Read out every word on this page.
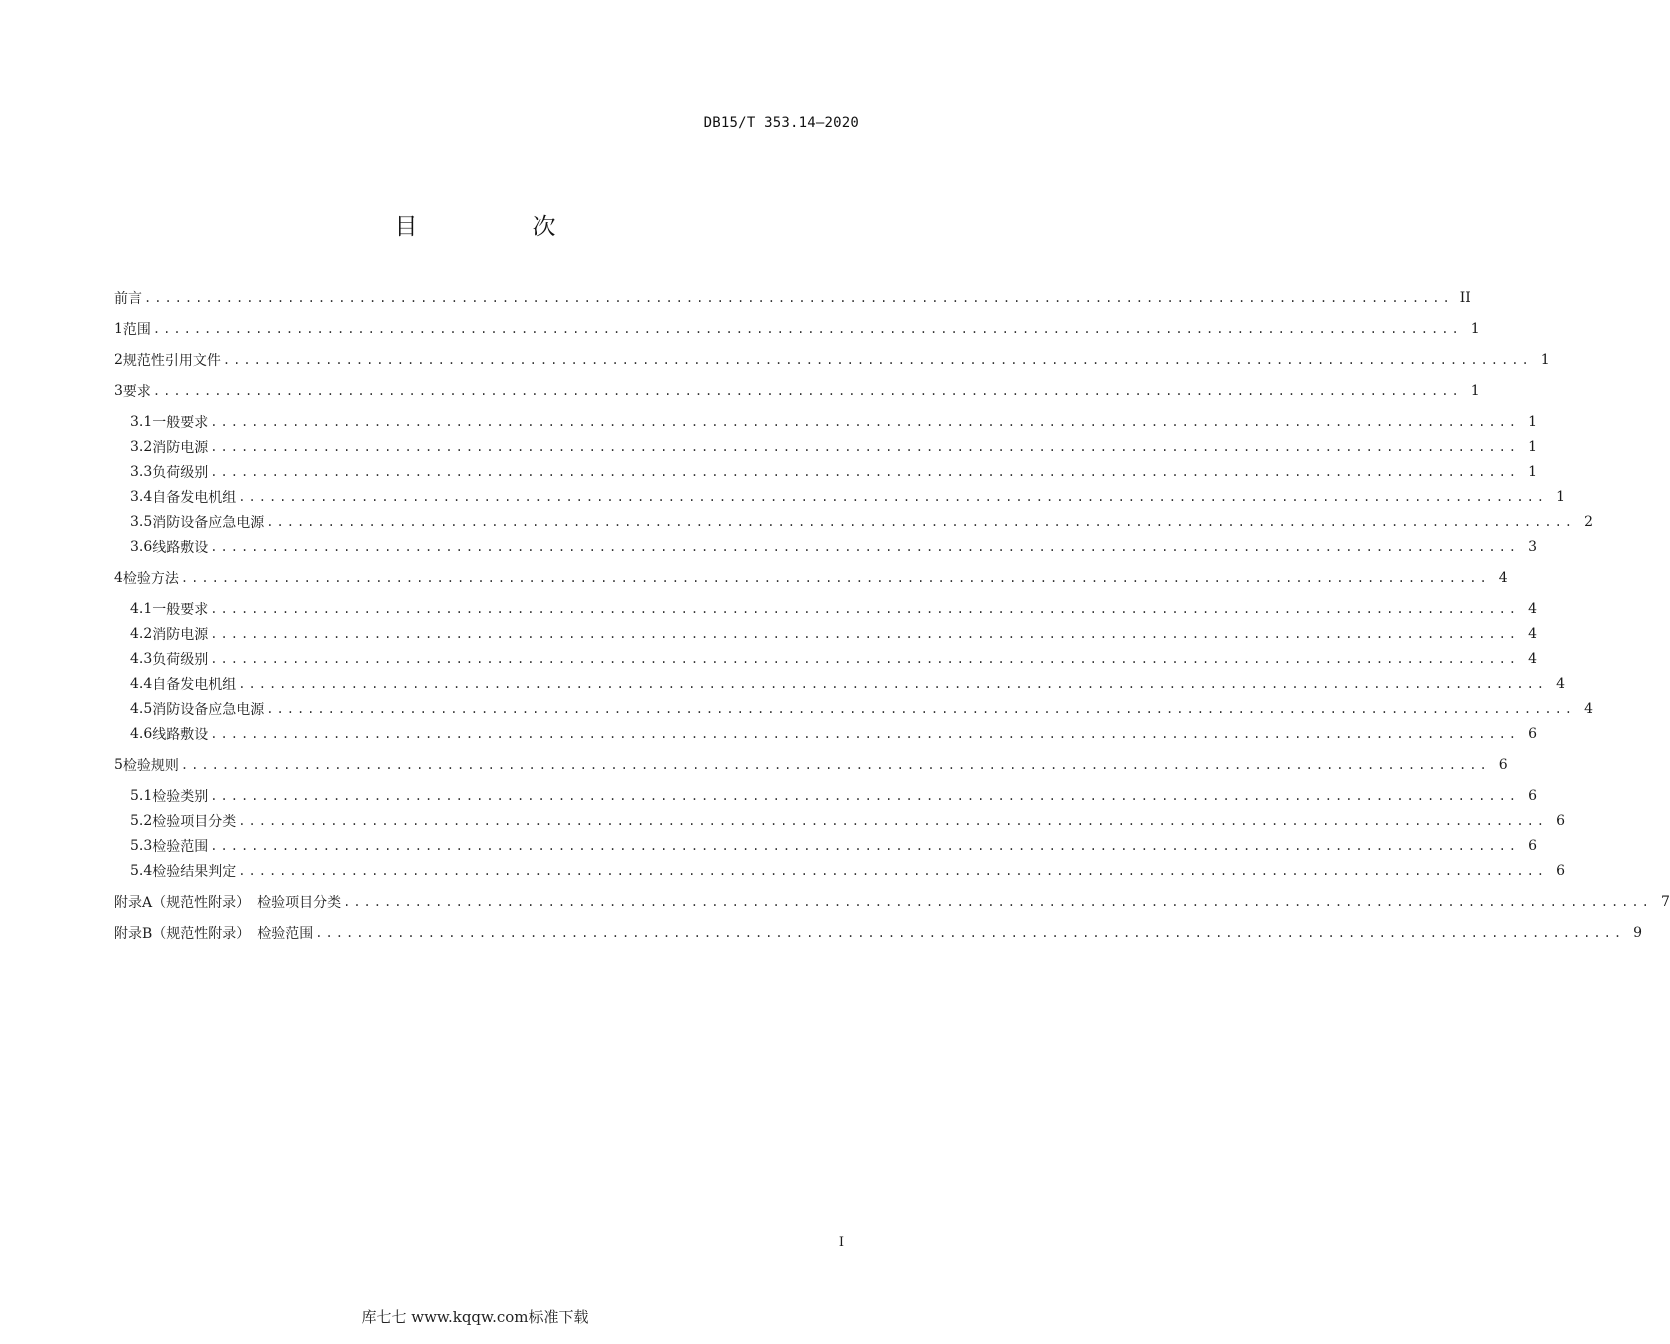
DB15/T 353.14—2020
目　次
前言 ................................................................................................................................ II
1 范围 ................................................................................................................................ 1
2 规范性引用文件 ................................................................................................................................ 1
3 要求 ................................................................................................................................ 1
3.1 一般要求 ................................................................................................................................ 1
3.2 消防电源 ................................................................................................................................ 1
3.3 负荷级别 ................................................................................................................................ 1
3.4 自备发电机组 ................................................................................................................................ 1
3.5 消防设备应急电源 ................................................................................................................................ 2
3.6 线路敷设 ................................................................................................................................ 3
4 检验方法 ................................................................................................................................ 4
4.1 一般要求 ................................................................................................................................ 4
4.2 消防电源 ................................................................................................................................ 4
4.3 负荷级别 ................................................................................................................................ 4
4.4 自备发电机组 ................................................................................................................................ 4
4.5 消防设备应急电源 ................................................................................................................................ 4
4.6 线路敷设 ................................................................................................................................ 6
5 检验规则 ................................................................................................................................ 6
5.1 检验类别 ................................................................................................................................ 6
5.2 检验项目分类 ................................................................................................................................ 6
5.3 检验范围 ................................................................................................................................ 6
5.4 检验结果判定 ................................................................................................................................ 6
附录A（规范性附录）　检验项目分类 ................................................................................................................................ 7
附录B（规范性附录）　检验范围 ................................................................................................................................ 9
I
库七七 www.kqqw.com标准下载
